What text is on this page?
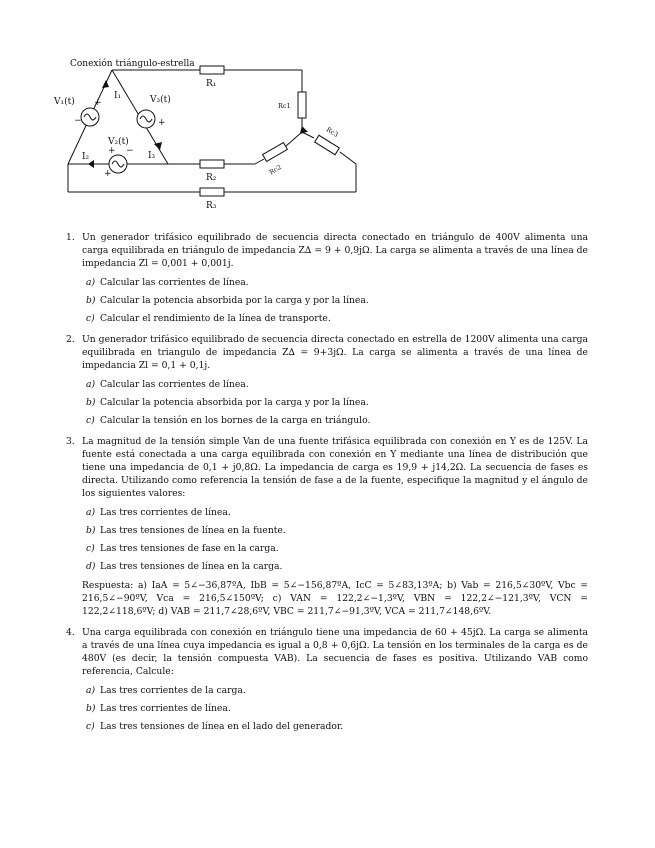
Conexión triángulo-estrella
V₁(t) +
−
I₁	V₃(t)
+
V₂(t)
+ −
+
I₂	I₃
R₁
R₂
R₃
Rc1
Rc2
Rc3
1. Un generador trifásico equilibrado de secuencia directa conectado en triángulo de 400V alimenta una carga equilibrada en triángulo de impedancia Z∆ = 9 + 0,9jΩ. La carga se alimenta a través de una línea de impedancia Zl = 0,001 + 0,001j.
a) Calcular las corrientes de línea.
b) Calcular la potencia absorbida por la carga y por la línea.
c) Calcular el rendimiento de la línea de transporte.
2. Un generador trifásico equilibrado de secuencia directa conectado en estrella de 1200V alimenta una carga equilibrada en triangulo de impedancia Z∆ = 9+3jΩ. La carga se alimenta a través de una línea de impedancia Zl = 0,1 + 0,1j.
a) Calcular las corrientes de línea.
b) Calcular la potencia absorbida por la carga y por la línea.
c) Calcular la tensión en los bornes de la carga en triángulo.
3. La magnitud de la tensión simple Van de una fuente trifásica equilibrada con conexión en Y es de 125V. La fuente está conectada a una carga equilibrada con conexión en Y mediante una línea de distribución que tiene una impedancia de 0,1 + j0,8Ω. La impedancia de carga es 19,9 + j14,2Ω. La secuencia de fases es directa. Utilizando como referencia la tensión de fase a de la fuente, especifique la magnitud y el ángulo de los siguientes valores:
a) Las tres corrientes de línea.
b) Las tres tensiones de línea en la fuente.
c) Las tres tensiones de fase en la carga.
d) Las tres tensiones de línea en la carga.
Respuesta: a) IaA = 5∠−36,87ºA, IbB = 5∠−156,87ºA, IcC = 5∠83,13ºA; b) Vab = 216,5∠30ºV, Vbc = 216,5∠−90ºV, Vca = 216,5∠150ºV; c) VAN = 122,2∠−1,3ºV, VBN = 122,2∠−121,3ºV, VCN = 122,2∠118,6ºV; d) VAB = 211,7∠28,6ºV, VBC = 211,7∠−91,3ºV, VCA = 211,7∠148,6ºV.
4. Una carga equilibrada con conexión en triángulo tiene una impedancia de 60 + 45jΩ. La carga se alimenta a través de una línea cuya impedancia es igual a 0,8 + 0,6jΩ. La tensión en los terminales de la carga es de 480V (es decir, la tensión compuesta VAB). La secuencia de fases es positiva. Utilizando VAB como referencia, Calcule:
a) Las tres corrientes de la carga.
b) Las tres corrientes de línea.
c) Las tres tensiones de línea en el lado del generador.
